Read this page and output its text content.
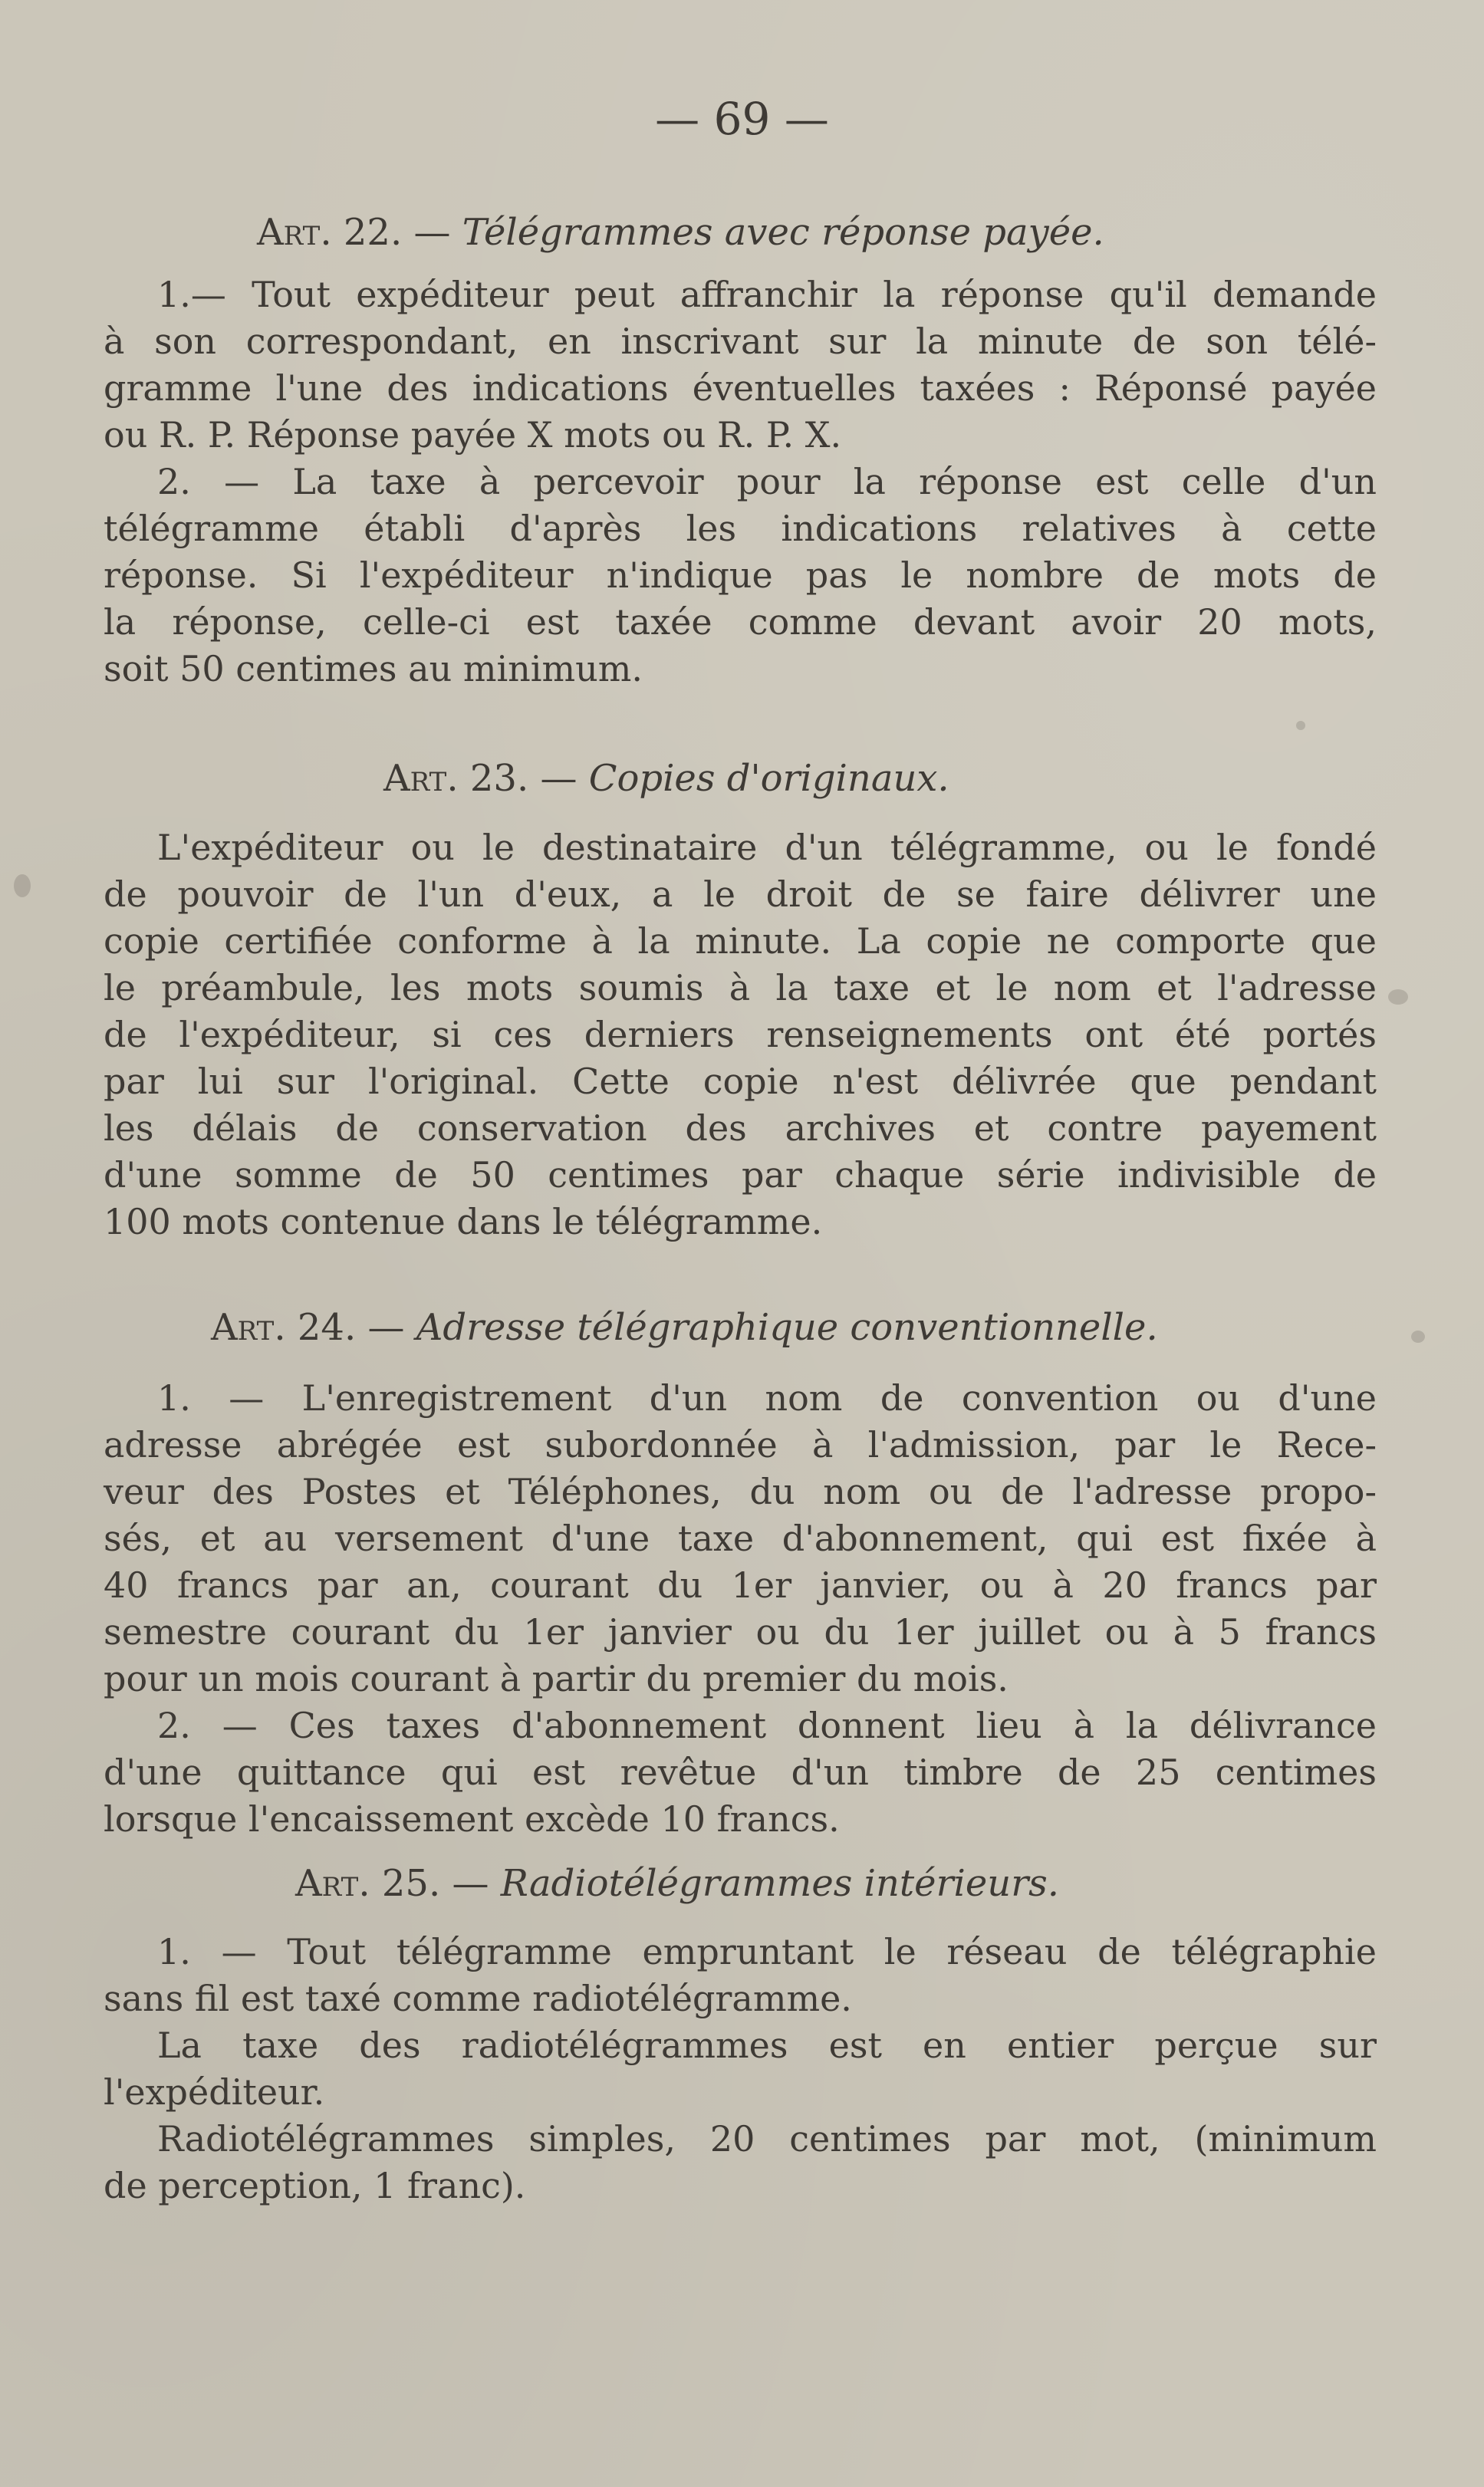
— 69 —
Art. 22. — Télégrammes avec réponse payée.
1.— Tout expéditeur peut affranchir la réponse qu'il demande
à son correspondant, en inscrivant sur la minute de son télé-
gramme l'une des indications éventuelles taxées : Réponsé payée
ou R. P. Réponse payée X mots ou R. P. X.
2. — La taxe à percevoir pour la réponse est celle d'un
télégramme établi d'après les indications relatives à cette
réponse. Si l'expéditeur n'indique pas le nombre de mots de
la réponse, celle-ci est taxée comme devant avoir 20 mots,
soit 50 centimes au minimum.
Art. 23. — Copies d'originaux.
L'expéditeur ou le destinataire d'un télégramme, ou le fondé
de pouvoir de l'un d'eux, a le droit de se faire délivrer une
copie certifiée conforme à la minute. La copie ne comporte que
le préambule, les mots soumis à la taxe et le nom et l'adresse
de l'expéditeur, si ces derniers renseignements ont été portés
par lui sur l'original. Cette copie n'est délivrée que pendant
les délais de conservation des archives et contre payement
d'une somme de 50 centimes par chaque série indivisible de
100 mots contenue dans le télégramme.
Art. 24. — Adresse télégraphique conventionnelle.
1. — L'enregistrement d'un nom de convention ou d'une
adresse abrégée est subordonnée à l'admission, par le Rece-
veur des Postes et Téléphones, du nom ou de l'adresse propo-
sés, et au versement d'une taxe d'abonnement, qui est fixée à
40 francs par an, courant du 1er janvier, ou à 20 francs par
semestre courant du 1er janvier ou du 1er juillet ou à 5 francs
pour un mois courant à partir du premier du mois.
2. — Ces taxes d'abonnement donnent lieu à la délivrance
d'une quittance qui est revêtue d'un timbre de 25 centimes
lorsque l'encaissement excède 10 francs.
Art. 25. — Radiotélégrammes intérieurs.
1. — Tout télégramme empruntant le réseau de télégraphie
sans fil est taxé comme radiotélégramme.
La taxe des radiotélégrammes est en entier perçue sur
l'expéditeur.
Radiotélégrammes simples, 20 centimes par mot, (minimum
de perception, 1 franc).
